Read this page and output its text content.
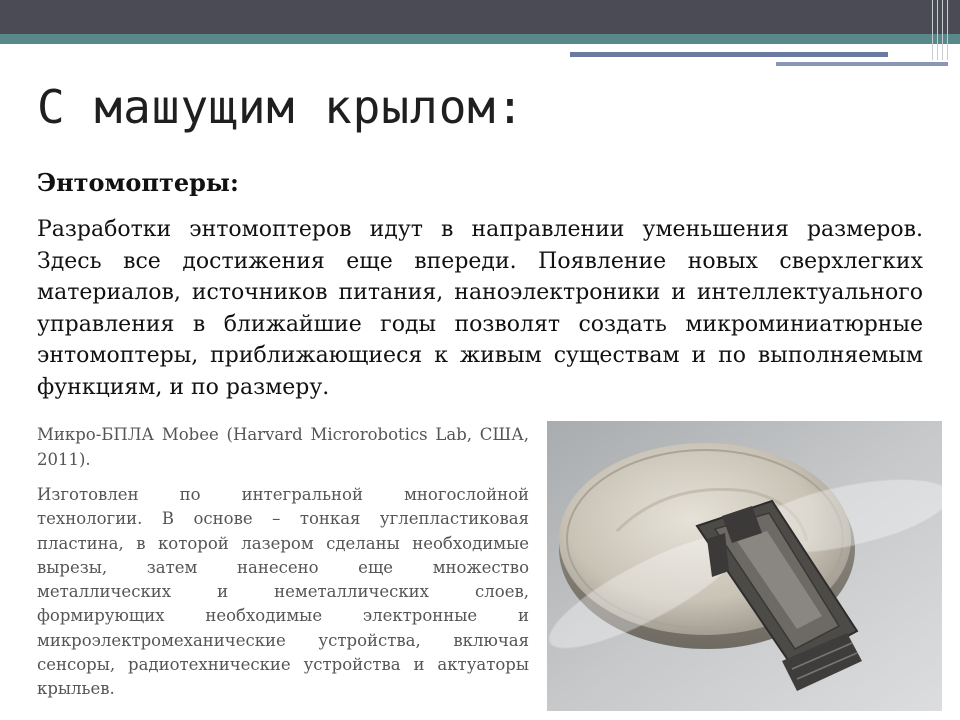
С машущим крылом:
Энтомоптеры:

Разработки энтомоптеров идут в направлении уменьшения размеров. Здесь все достижения еще впереди. Появление новых сверхлегких материалов, источников питания, наноэлектроники и интеллектуального управления в ближайшие годы позволят создать микроминиатюрные энтомоптеры, приближающиеся к живым существам и по выполняемым функциям, и по размеру.

Микро-БПЛА Mobee (Harvard Microrobotics Lab, США, 2011).

Изготовлен по интегральной многослойной технологии. В основе – тонкая углепластиковая пластина, в которой лазером сделаны необходимые вырезы, затем нанесено еще множество металлических и неметаллических слоев, формирующих необходимые электронные и микроэлектромеханические устройства, включая сенсоры, радиотехнические устройства и актуаторы крыльев.
